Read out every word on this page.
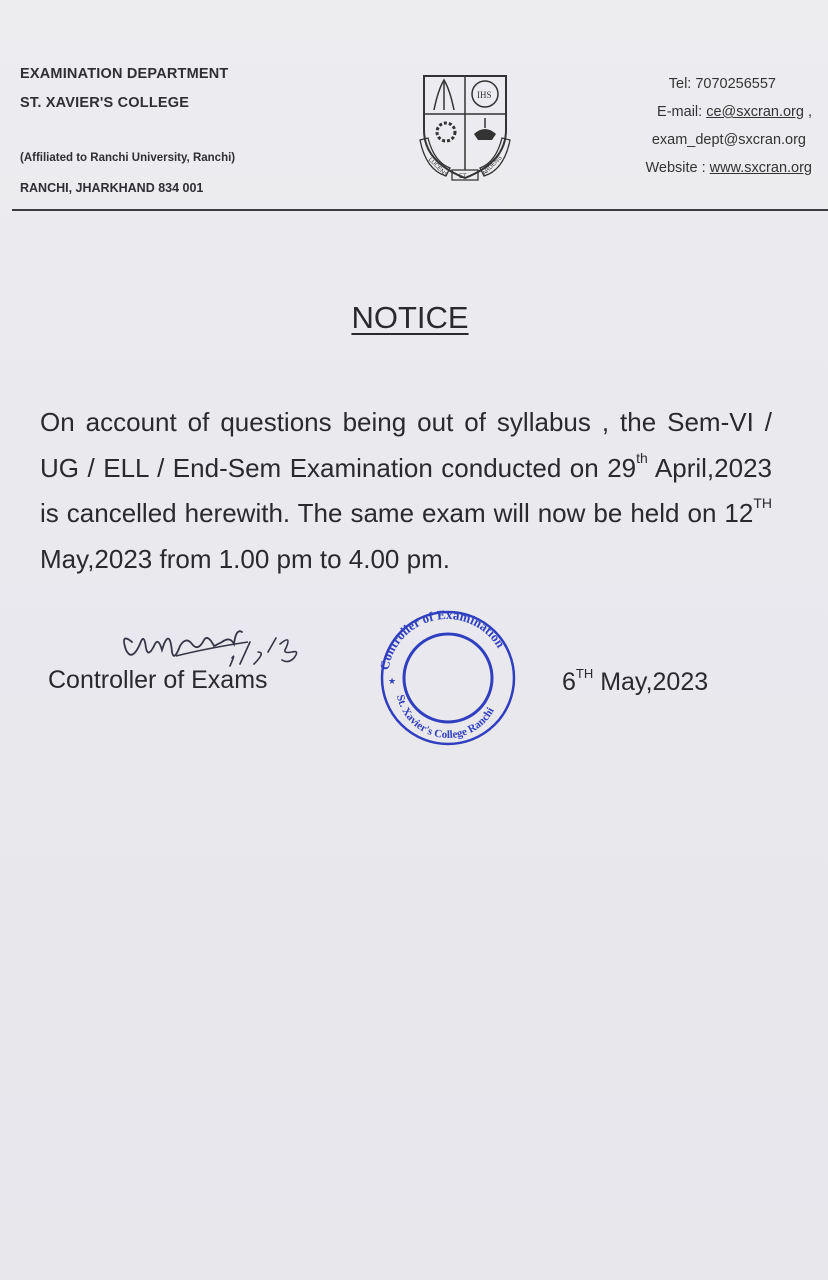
EXAMINATION DEPARTMENT
ST. XAVIER'S COLLEGE
(Affiliated to Ranchi University, Ranchi)
RANCHI, JHARKHAND 834 001
IHS
LUCENS ET ARDENS
Tel: 7070256557
E-mail: ce@sxcran.org ,
exam_dept@sxcran.org
Website : www.sxcran.org
NOTICE
On account of questions being out of syllabus , the Sem-VI / UG / ELL / End-Sem Examination conducted on 29th April,2023 is cancelled herewith. The same exam will now be held on 12TH May,2023 from 1.00 pm to 4.00 pm.
Controller of Exams
Controller of Examination
St. Xavier's College Ranchi
★	6TH May,2023
